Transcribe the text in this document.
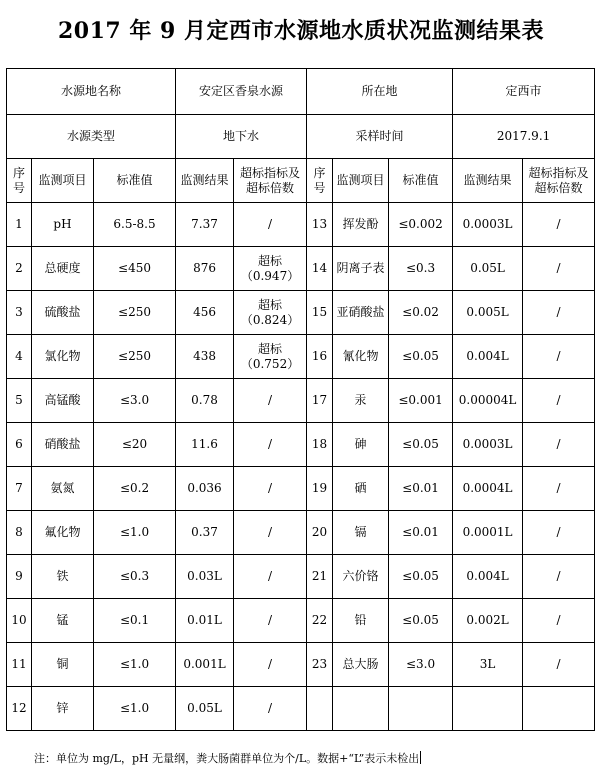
2017 年 9 月定西市水源地水质状况监测结果表
水源地名称			安定区香泉水源		所在地			定西市	
水源类型			地下水		采样时间			2017.9.1	
序号	监测项目	标准值	监测结果	超标指标及超标倍数	序号	监测项目	标准值	监测结果	超标指标及超标倍数
1	pH	6.5-8.5	7.37	/	13	挥发酚	≤0.002	0.0003L	/
2	总硬度	≤450	876	超标（0.947）	14	阴离子表	≤0.3	0.05L	/
3	硫酸盐	≤250	456	超标（0.824）	15	亚硝酸盐	≤0.02	0.005L	/
4	氯化物	≤250	438	超标（0.752）	16	氰化物	≤0.05	0.004L	/
5	高锰酸	≤3.0	0.78	/	17	汞	≤0.001	0.00004L	/
6	硝酸盐	≤20	11.6	/	18	砷	≤0.05	0.0003L	/
7	氨氮	≤0.2	0.036	/	19	硒	≤0.01	0.0004L	/
8	氟化物	≤1.0	0.37	/	20	镉	≤0.01	0.0001L	/
9	铁	≤0.3	0.03L	/	21	六价铬	≤0.05	0.004L	/
10	锰	≤0.1	0.01L	/	22	铅	≤0.05	0.002L	/
11	铜	≤1.0	0.001L	/	23	总大肠	≤3.0	3L	/
12	锌	≤1.0	0.05L	/					
注：单位为 mg/L，pH 无量纲，粪大肠菌群单位为个/L。数据+“L”表示未检出
